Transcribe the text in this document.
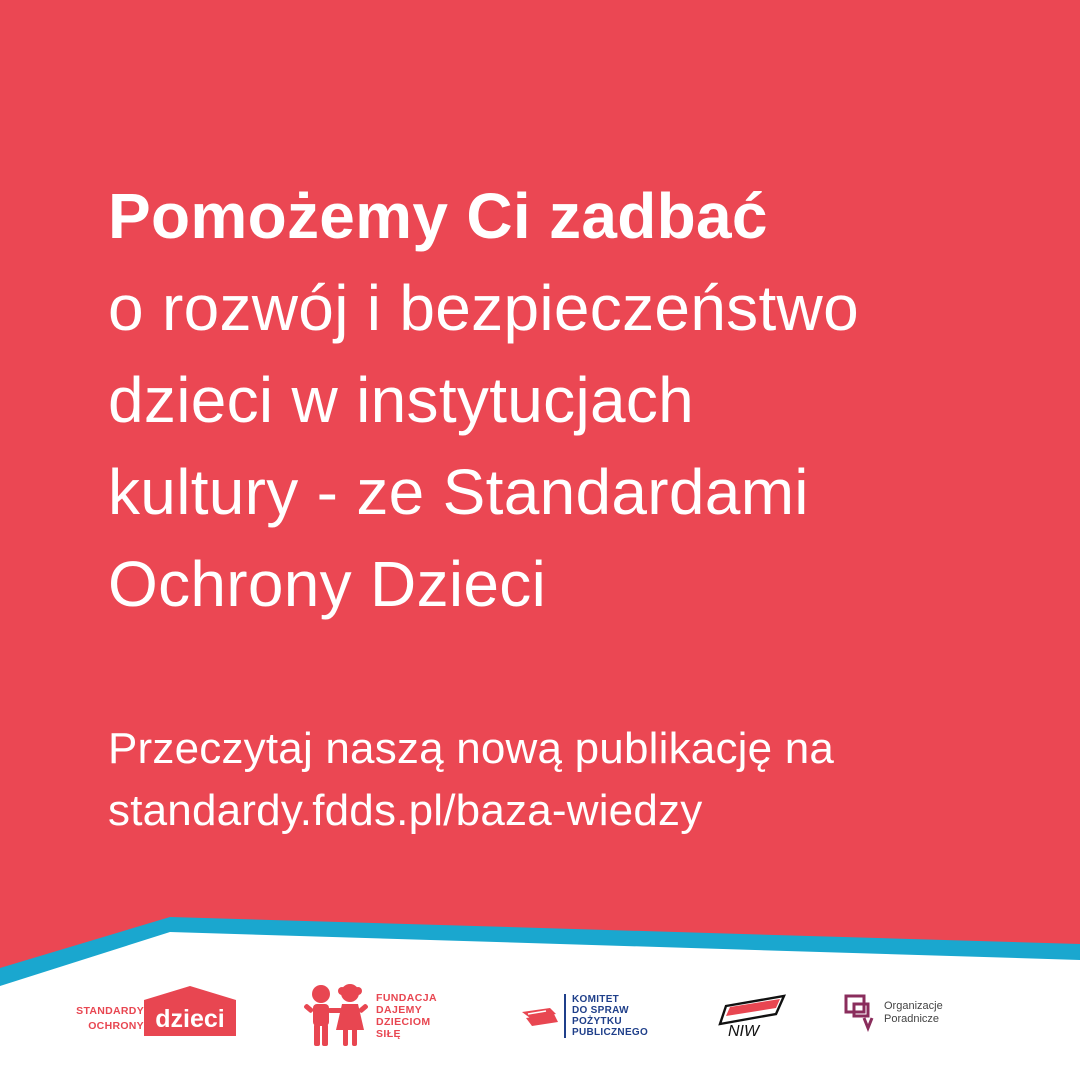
Pomożemy Ci zadbać
o rozwój i bezpieczeństwo
dzieci w instytucjach
kultury - ze Standardami
Ochrony Dzieci
Przeczytaj naszą nową publikację na
standardy.fdds.pl/baza-wiedzy
STANDARDY
OCHRONY dzieci
FUNDACJA
DAJEMY
DZIECIOM
SIŁĘ
KOMITET
DO SPRAW
POŻYTKU
PUBLICZNEGO	NIW
Organizacje
Poradnicze
